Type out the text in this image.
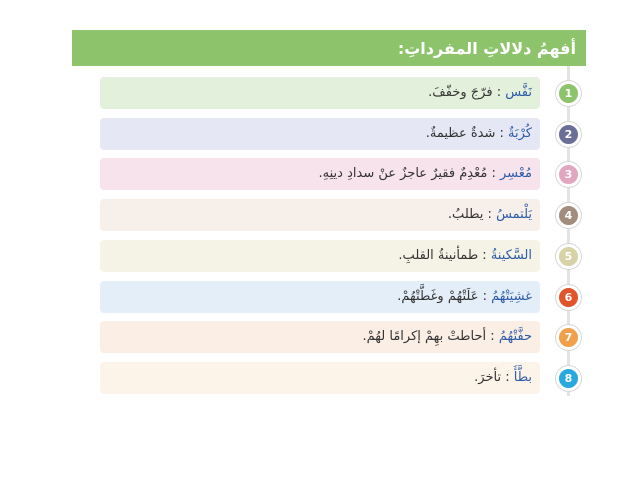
أفهمُ دلالاتِ المفرداتِ:
نَفَّس : فرّجَ وخفّفَ.	1
كُرْبَةٌ : شدةٌ عظيمةٌ.	2
مُعْسِر : مُعْدِمٌ فقيرٌ عاجزٌ عنْ سدادِ دينِهِ.	3
يَلْتمسُ : يطلبُ.	4
السَّكينةُ : طمأنينةُ القلبِ.	5
غشِيَتْهُمُ : عَلَتْهُمْ وغَطَّتْهُمْ.	6
حفَّتْهُمُ : أحاطتْ بهِمْ إكرامًا لهُمْ.	7
بطَّأَ : تأخرَ.	8
